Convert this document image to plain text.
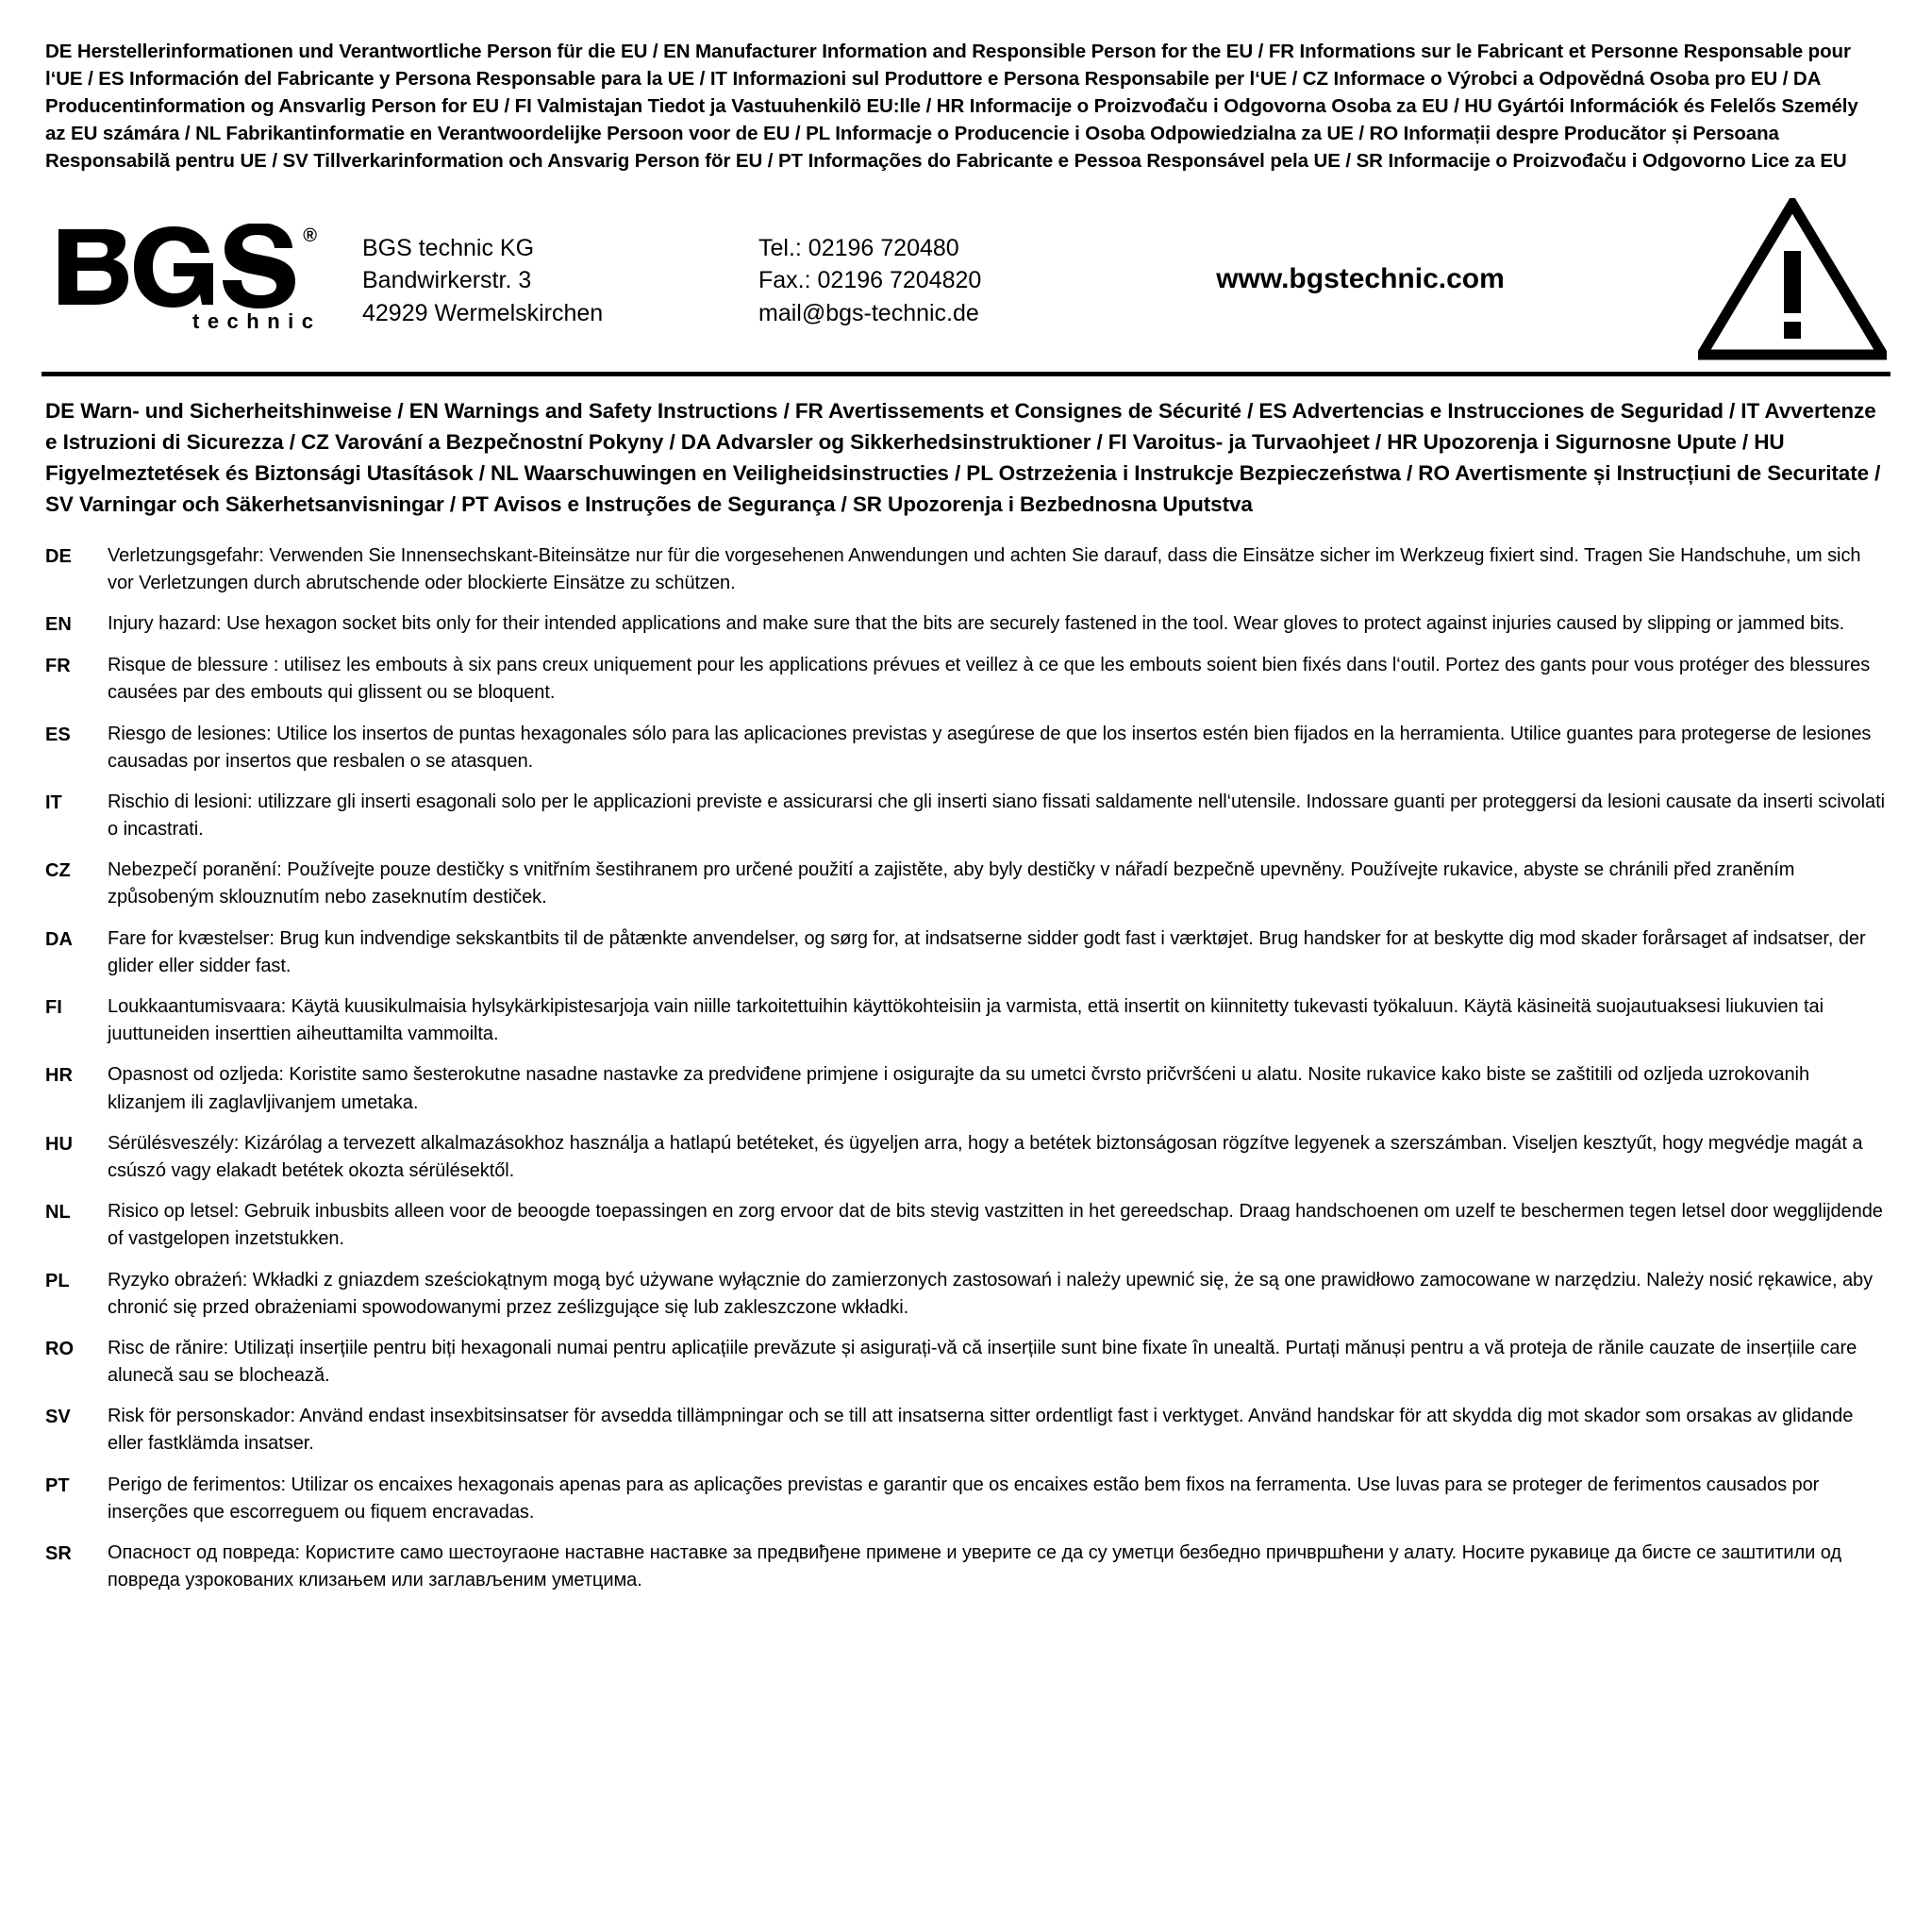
DE Herstellerinformationen und Verantwortliche Person für die EU / EN Manufacturer Information and Responsible Person for the EU / FR Informations sur le Fabricant et Personne Responsable pour l‘UE / ES Información del Fabricante y Persona Responsable para la UE / IT Informazioni sul Produttore e Persona Responsabile per l‘UE / CZ Informace o Výrobci a Odpovědná Osoba pro EU / DA Producentinformation og Ansvarlig Person for EU / FI Valmistajan Tiedot ja Vastuuhenkilö EU:lle / HR Informacije o Proizvođaču i Odgovorna Osoba za EU / HU Gyártói Információk és Felelős Személy az EU számára / NL Fabrikantinformatie en Verantwoordelijke Persoon voor de EU / PL Informacje o Producencie i Osoba Odpowiedzialna za UE / RO Informații despre Producător și Persoana Responsabilă pentru UE / SV Tillverkarinformation och Ansvarig Person för EU / PT Informações do Fabricante e Pessoa Responsável pela UE / SR Informacije o Proizvođaču i Odgovorno Lice za EU
®
technic
BGS technic KG
Bandwirkerstr. 3
42929 Wermelskirchen
Tel.: 02196 720480
Fax.: 02196 7204820
mail@bgs-technic.de
www.bgstechnic.com
DE Warn- und Sicherheitshinweise / EN Warnings and Safety Instructions / FR Avertissements et Consignes de Sécurité / ES Advertencias e Instrucciones de Seguridad / IT Avvertenze e Istruzioni di Sicurezza / CZ Varování a Bezpečnostní Pokyny / DA Advarsler og Sikkerhedsinstruktioner / FI Varoitus- ja Turvaohjeet / HR Upozorenja i Sigurnosne Upute / HU Figyelmeztetések és Biztonsági Utasítások / NL Waarschuwingen en Veiligheidsinstructies / PL Ostrzeżenia i Instrukcje Bezpieczeństwa / RO Avertismente și Instrucțiuni de Securitate / SV Varningar och Säkerhetsanvisningar / PT Avisos e Instruções de Segurança / SR Upozorenja i Bezbednosna Uputstva
DE	Verletzungsgefahr: Verwenden Sie Innensechskant-Biteinsätze nur für die vorgesehenen Anwendungen und achten Sie darauf, dass die Einsätze sicher im Werkzeug fixiert sind. Tragen Sie Handschuhe, um sich vor Verletzungen durch abrutschende oder blockierte Einsätze zu schützen.
EN	Injury hazard: Use hexagon socket bits only for their intended applications and make sure that the bits are securely fastened in the tool. Wear gloves to protect against injuries caused by slipping or jammed bits.
FR	Risque de blessure : utilisez les embouts à six pans creux uniquement pour les applications prévues et veillez à ce que les embouts soient bien fixés dans l‘outil. Portez des gants pour vous protéger des blessures causées par des embouts qui glissent ou se bloquent.
ES	Riesgo de lesiones: Utilice los insertos de puntas hexagonales sólo para las aplicaciones previstas y asegúrese de que los insertos estén bien fijados en la herramienta. Utilice guantes para protegerse de lesiones causadas por insertos que resbalen o se atasquen.
IT	Rischio di lesioni: utilizzare gli inserti esagonali solo per le applicazioni previste e assicurarsi che gli inserti siano fissati saldamente nell‘utensile. Indossare guanti per proteggersi da lesioni causate da inserti scivolati o incastrati.
CZ	Nebezpečí poranění: Používejte pouze destičky s vnitřním šestihranem pro určené použití a zajistěte, aby byly destičky v nářadí bezpečně upevněny. Používejte rukavice, abyste se chránili před zraněním způsobeným sklouznutím nebo zaseknutím destiček.
DA	Fare for kvæstelser: Brug kun indvendige sekskantbits til de påtænkte anvendelser, og sørg for, at indsatserne sidder godt fast i værktøjet. Brug handsker for at beskytte dig mod skader forårsaget af indsatser, der glider eller sidder fast.
FI	Loukkaantumisvaara: Käytä kuusikulmaisia hylsykärkipistesarjoja vain niille tarkoitettuihin käyttökohteisiin ja varmista, että insertit on kiinnitetty tukevasti työkaluun. Käytä käsineitä suojautuaksesi liukuvien tai juuttuneiden inserttien aiheuttamilta vammoilta.
HR	Opasnost od ozljeda: Koristite samo šesterokutne nasadne nastavke za predviđene primjene i osigurajte da su umetci čvrsto pričvršćeni u alatu. Nosite rukavice kako biste se zaštitili od ozljeda uzrokovanih klizanjem ili zaglavljivanjem umetaka.
HU	Sérülésveszély: Kizárólag a tervezett alkalmazásokhoz használja a hatlapú betéteket, és ügyeljen arra, hogy a betétek biztonságosan rögzítve legyenek a szerszámban. Viseljen kesztyűt, hogy megvédje magát a csúszó vagy elakadt betétek okozta sérülésektől.
NL	Risico op letsel: Gebruik inbusbits alleen voor de beoogde toepassingen en zorg ervoor dat de bits stevig vastzitten in het gereedschap. Draag handschoenen om uzelf te beschermen tegen letsel door wegglijdende of vastgelopen inzetstukken.
PL	Ryzyko obrażeń: Wkładki z gniazdem sześciokątnym mogą być używane wyłącznie do zamierzonych zastosowań i należy upewnić się, że są one prawidłowo zamocowane w narzędziu. Należy nosić rękawice, aby chronić się przed obrażeniami spowodowanymi przez ześlizgujące się lub zakleszczone wkładki.
RO	Risc de rănire: Utilizați inserțiile pentru biți hexagonali numai pentru aplicațiile prevăzute și asigurați-vă că inserțiile sunt bine fixate în unealtă. Purtați mănuși pentru a vă proteja de rănile cauzate de inserțiile care alunecă sau se blochează.
SV	Risk för personskador: Använd endast insexbitsinsatser för avsedda tillämpningar och se till att insatserna sitter ordentligt fast i verktyget. Använd handskar för att skydda dig mot skador som orsakas av glidande eller fastklämda insatser.
PT	Perigo de ferimentos: Utilizar os encaixes hexagonais apenas para as aplicações previstas e garantir que os encaixes estão bem fixos na ferramenta. Use luvas para se proteger de ferimentos causados por inserções que escorreguem ou fiquem encravadas.
SR	Опасност од повреда: Користите само шестоугаоне наставне наставке за предвиђене примене и уверите се да су уметци безбедно причвршћени у алату. Носите рукавице да бисте се заштитили од повреда узрокованих клизањем или заглављеним уметцима.
